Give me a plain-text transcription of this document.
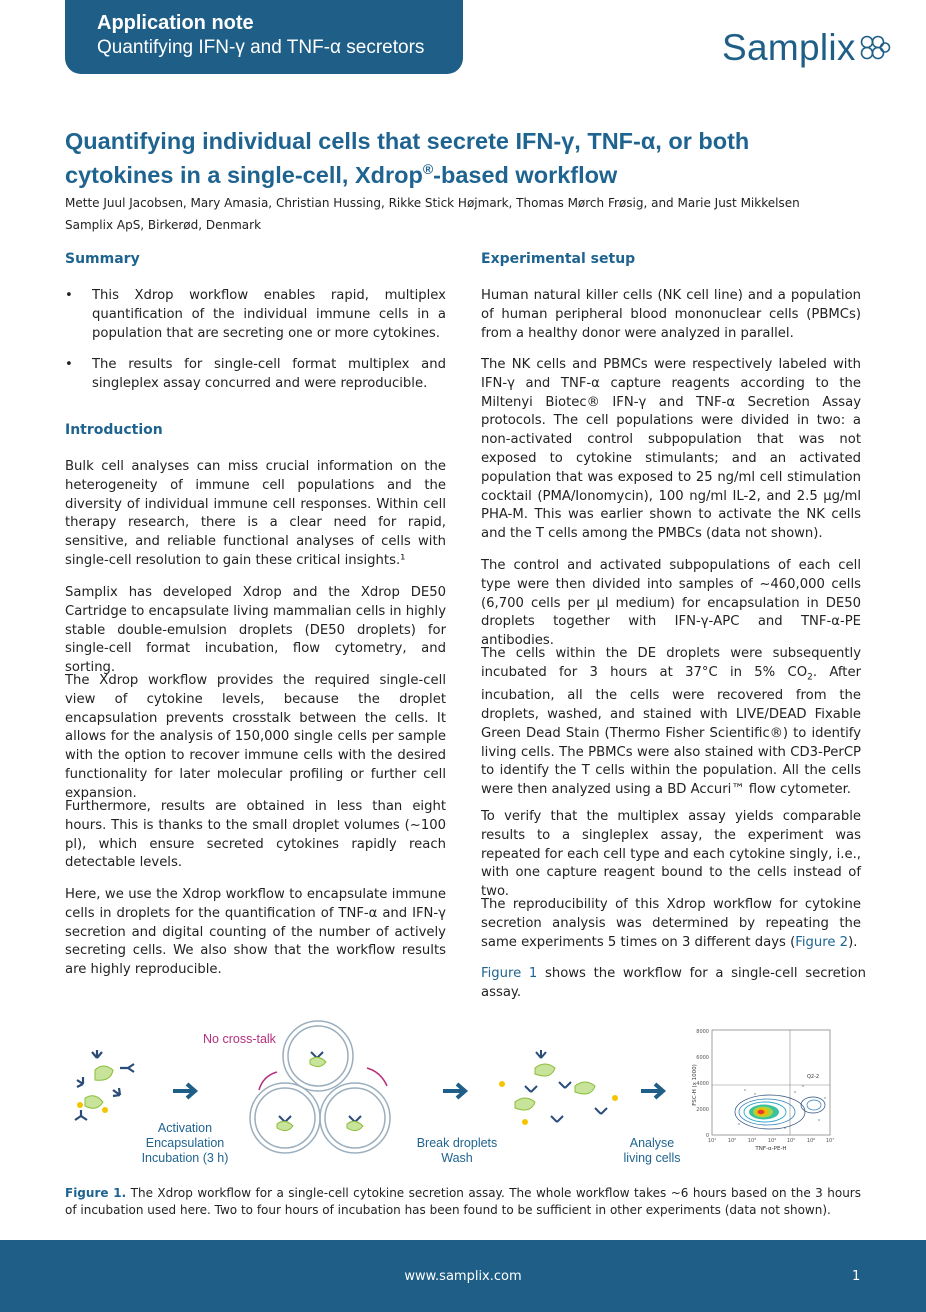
Application note
Quantifying IFN-γ and TNF-α secretors	Samplix
Quantifying individual cells that secrete IFN-γ, TNF-α, or both
cytokines in a single-cell, Xdrop®-based workflow
Mette Juul Jacobsen, Mary Amasia, Christian Hussing, Rikke Stick Højmark, Thomas Mørch Frøsig, and Marie Just Mikkelsen
Samplix ApS, Birkerød, Denmark
Summary
• This Xdrop workflow enables rapid, multiplex quantification of the individual immune cells in a population that are secreting one or more cytokines.
• The results for single-cell format multiplex and singleplex assay concurred and were reproducible.
Introduction
Bulk cell analyses can miss crucial information on the heterogeneity of immune cell populations and the diversity of individual immune cell responses. Within cell therapy research, there is a clear need for rapid, sensitive, and reliable functional analyses of cells with single-cell resolution to gain these critical insights.¹
Samplix has developed Xdrop and the Xdrop DE50 Cartridge to encapsulate living mammalian cells in highly stable double-emulsion droplets (DE50 droplets) for single-cell format incubation, flow cytometry, and sorting.
The Xdrop workflow provides the required single-cell view of cytokine levels, because the droplet encapsulation prevents crosstalk between the cells. It allows for the analysis of 150,000 single cells per sample with the option to recover immune cells with the desired functionality for later molecular profiling or further cell expansion.
Furthermore, results are obtained in less than eight hours. This is thanks to the small droplet volumes (~100 pl), which ensure secreted cytokines rapidly reach detectable levels.
Here, we use the Xdrop workflow to encapsulate immune cells in droplets for the quantification of TNF-α and IFN-γ secretion and digital counting of the number of actively secreting cells. We also show that the workflow results are highly reproducible.
Experimental setup
Human natural killer cells (NK cell line) and a population of human peripheral blood mononuclear cells (PBMCs) from a healthy donor were analyzed in parallel.
The NK cells and PBMCs were respectively labeled with IFN-γ and TNF-α capture reagents according to the Miltenyi Biotec® IFN-γ and TNF-α Secretion Assay protocols. The cell populations were divided in two: a non-activated control subpopulation that was not exposed to cytokine stimulants; and an activated population that was exposed to 25 ng/ml cell stimulation cocktail (PMA/Ionomycin), 100 ng/ml IL-2, and 2.5 µg/ml PHA-M. This was earlier shown to activate the NK cells and the T cells among the PMBCs (data not shown).
The control and activated subpopulations of each cell type were then divided into samples of ~460,000 cells (6,700 cells per µl medium) for encapsulation in DE50 droplets together with IFN-γ-APC and TNF-α-PE antibodies.
The cells within the DE droplets were subsequently incubated for 3 hours at 37°C in 5% $CO_2$. After incubation, all the cells were recovered from the droplets, washed, and stained with LIVE/DEAD Fixable Green Dead Stain (Thermo Fisher Scientific®) to identify living cells. The PBMCs were also stained with CD3-PerCP to identify the T cells within the population. All the cells were then analyzed using a BD Accuri™ flow cytometer.
To verify that the multiplex assay yields comparable results to a singleplex assay, the experiment was repeated for each cell type and each cytokine singly, i.e., with one capture reagent bound to the cells instead of two.
The reproducibility of this Xdrop workflow for cytokine secretion analysis was determined by repeating the same experiments 5 times on 3 different days (Figure 2).
Figure 1 shows the workflow for a single-cell secretion assay.
Activation
Encapsulation
Incubation (3 h)
No cross-talk
Break droplets
Wash
Analyse
living cells
8000
6000
4000
2000
0
10¹ 10² 10³ 10⁴ 10⁵ 10⁶ 10⁷
TNF-α-PE-H
FSC-H (x 1000)	Q2-2
Figure 1. The Xdrop workflow for a single-cell cytokine secretion assay. The whole workflow takes ~6 hours based on the 3 hours of incubation used here. Two to four hours of incubation has been found to be sufficient in other experiments (data not shown).
www.samplix.com	1
